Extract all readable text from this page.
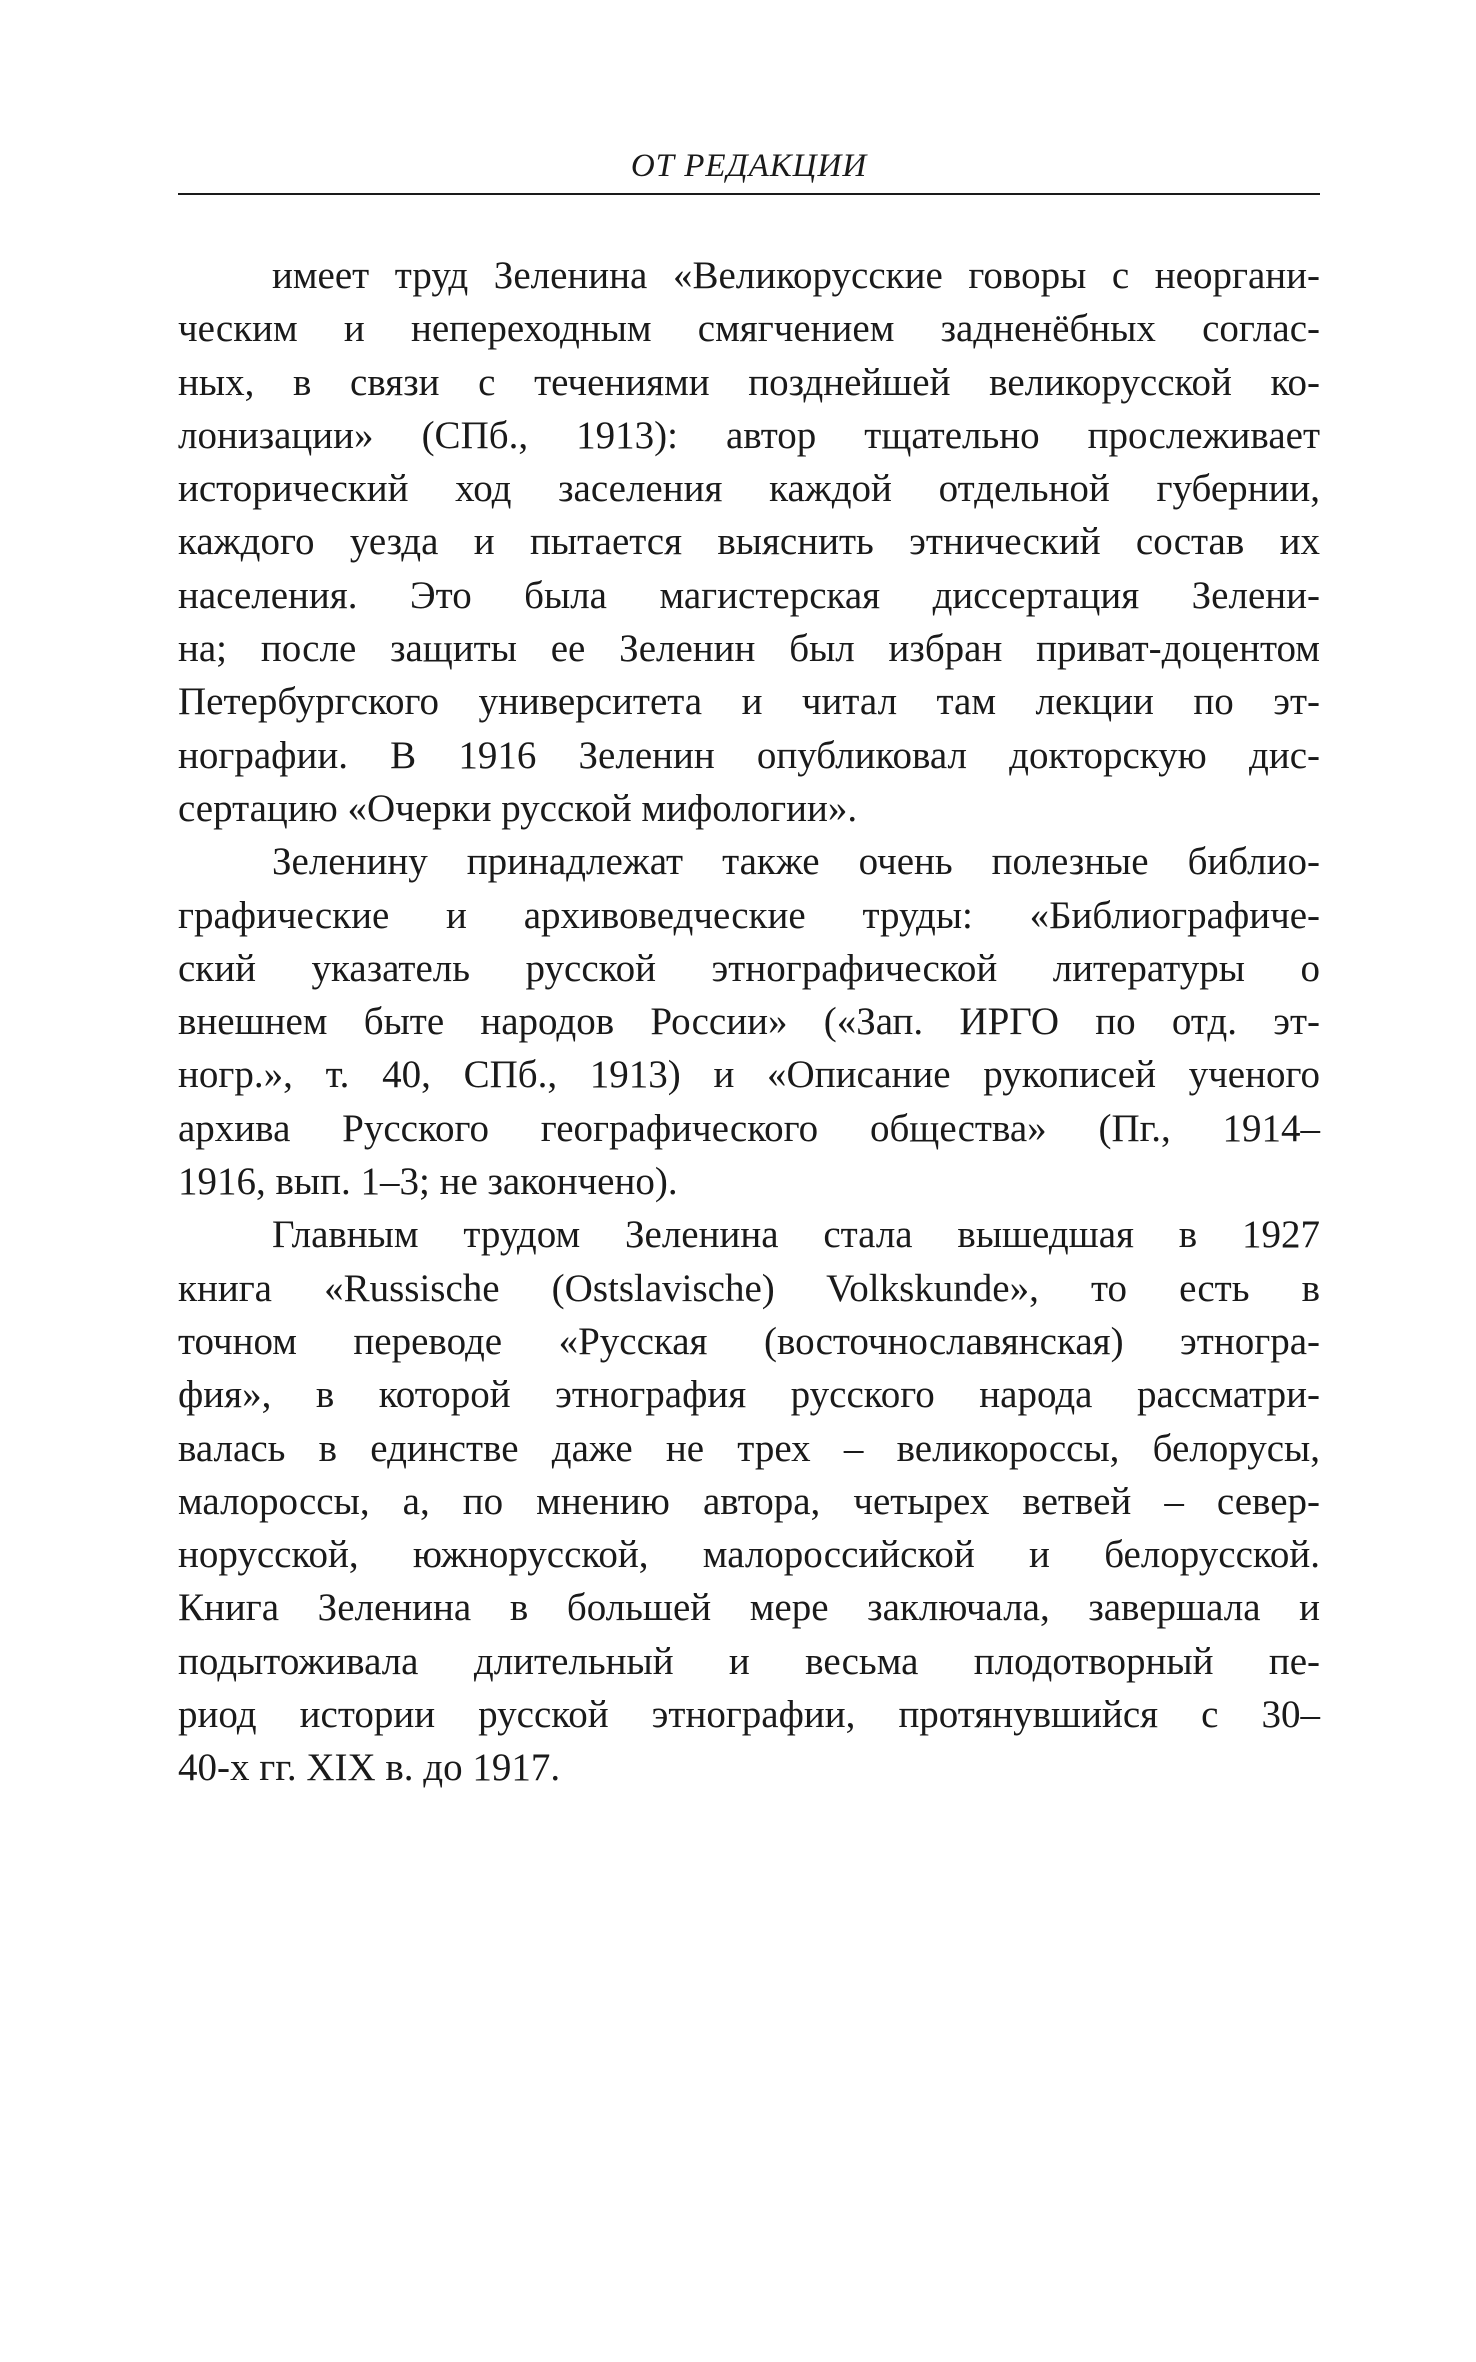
ОТ РЕДАКЦИИ
имеет труд Зеленина «Великорусские говоры с неоргани-
ческим и непереходным смягчением задненёбных соглас-
ных, в связи с течениями позднейшей великорусской ко-
лонизации» (СПб., 1913): автор тщательно прослеживает
исторический ход заселения каждой отдельной губернии,
каждого уезда и пытается выяснить этнический состав их
населения. Это была магистерская диссертация Зелени-
на; после защиты ее Зеленин был избран приват-доцентом
Петербургского университета и читал там лекции по эт-
нографии. В 1916 Зеленин опубликовал докторскую дис-
сертацию «Очерки русской мифологии».
Зеленину принадлежат также очень полезные библио-
графические и архивоведческие труды: «Библиографиче-
ский указатель русской этнографической литературы о
внешнем быте народов России» («Зап. ИРГО по отд. эт-
ногр.», т. 40, СПб., 1913) и «Описание рукописей ученого
архива Русского географического общества» (Пг., 1914–
1916, вып. 1–3; не закончено).
Главным трудом Зеленина стала вышедшая в 1927
книга «Russische (Ostslavische) Volkskunde», то есть в
точном переводе «Русская (восточнославянская) этногра-
фия», в которой этнография русского народа рассматри-
валась в единстве даже не трех – великороссы, белорусы,
малороссы, а, по мнению автора, четырех ветвей – север-
норусской, южнорусской, малороссийской и белорусской.
Книга Зеленина в большей мере заключала, завершала и
подытоживала длительный и весьма плодотворный пе-
риод истории русской этнографии, протянувшийся с 30–
40-х гг. XIX в. до 1917.
